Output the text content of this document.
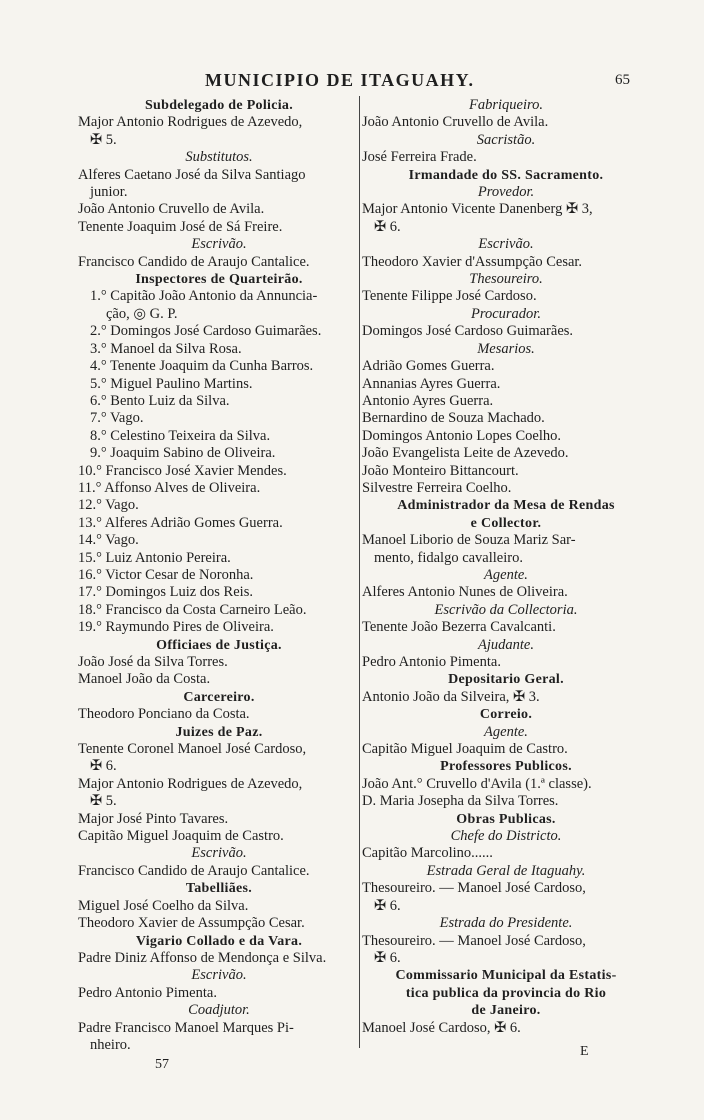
MUNICIPIO DE ITAGUAHY.	65
Subdelegado de Policia.
Major Antonio Rodrigues de Azevedo,
✠ 5.
Substitutos.
Alferes Caetano José da Silva Santiago
junior.
João Antonio Cruvello de Avila.
Tenente Joaquim José de Sá Freire.
Escrivão.
Francisco Candido de Araujo Cantalice.
Inspectores de Quarteirão.
1.° Capitão João Antonio da Annuncia-
ção, ◎ G. P.
2.° Domingos José Cardoso Guimarães.
3.° Manoel da Silva Rosa.
4.° Tenente Joaquim da Cunha Barros.
5.° Miguel Paulino Martins.
6.° Bento Luiz da Silva.
7.° Vago.
8.° Celestino Teixeira da Silva.
9.° Joaquim Sabino de Oliveira.
10.° Francisco José Xavier Mendes.
11.° Affonso Alves de Oliveira.
12.° Vago.
13.° Alferes Adrião Gomes Guerra.
14.° Vago.
15.° Luiz Antonio Pereira.
16.° Victor Cesar de Noronha.
17.° Domingos Luiz dos Reis.
18.° Francisco da Costa Carneiro Leão.
19.° Raymundo Pires de Oliveira.
Officiaes de Justiça.
João José da Silva Torres.
Manoel João da Costa.
Carcereiro.
Theodoro Ponciano da Costa.
Juizes de Paz.
Tenente Coronel Manoel José Cardoso,
✠ 6.
Major Antonio Rodrigues de Azevedo,
✠ 5.
Major José Pinto Tavares.
Capitão Miguel Joaquim de Castro.
Escrivão.
Francisco Candido de Araujo Cantalice.
Tabelliães.
Miguel José Coelho da Silva.
Theodoro Xavier de Assumpção Cesar.
Vigario Collado e da Vara.
Padre Diniz Affonso de Mendonça e Silva.
Escrivão.
Pedro Antonio Pimenta.
Coadjutor.
Padre Francisco Manoel Marques Pi-
nheiro.
Fabriqueiro.
João Antonio Cruvello de Avila.
Sacristão.
José Ferreira Frade.
Irmandade do SS. Sacramento.
Provedor.
Major Antonio Vicente Danenberg ✠ 3,
✠ 6.
Escrivão.
Theodoro Xavier d'Assumpção Cesar.
Thesoureiro.
Tenente Filippe José Cardoso.
Procurador.
Domingos José Cardoso Guimarães.
Mesarios.
Adrião Gomes Guerra.
Annanias Ayres Guerra.
Antonio Ayres Guerra.
Bernardino de Souza Machado.
Domingos Antonio Lopes Coelho.
João Evangelista Leite de Azevedo.
João Monteiro Bittancourt.
Silvestre Ferreira Coelho.
Administrador da Mesa de Rendas
e Collector.
Manoel Liborio de Souza Mariz Sar-
mento, fidalgo cavalleiro.
Agente.
Alferes Antonio Nunes de Oliveira.
Escrivão da Collectoria.
Tenente João Bezerra Cavalcanti.
Ajudante.
Pedro Antonio Pimenta.
Depositario Geral.
Antonio João da Silveira, ✠ 3.
Correio.
Agente.
Capitão Miguel Joaquim de Castro.
Professores Publicos.
João Ant.° Cruvello d'Avila (1.ª classe).
D. Maria Josepha da Silva Torres.
Obras Publicas.
Chefe do Districto.
Capitão Marcolino......
Estrada Geral de Itaguahy.
Thesoureiro. — Manoel José Cardoso,
✠ 6.
Estrada do Presidente.
Thesoureiro. — Manoel José Cardoso,
✠ 6.
Commissario Municipal da Estatis-
tica publica da provincia do Rio
de Janeiro.
Manoel José Cardoso, ✠ 6.
57
E
